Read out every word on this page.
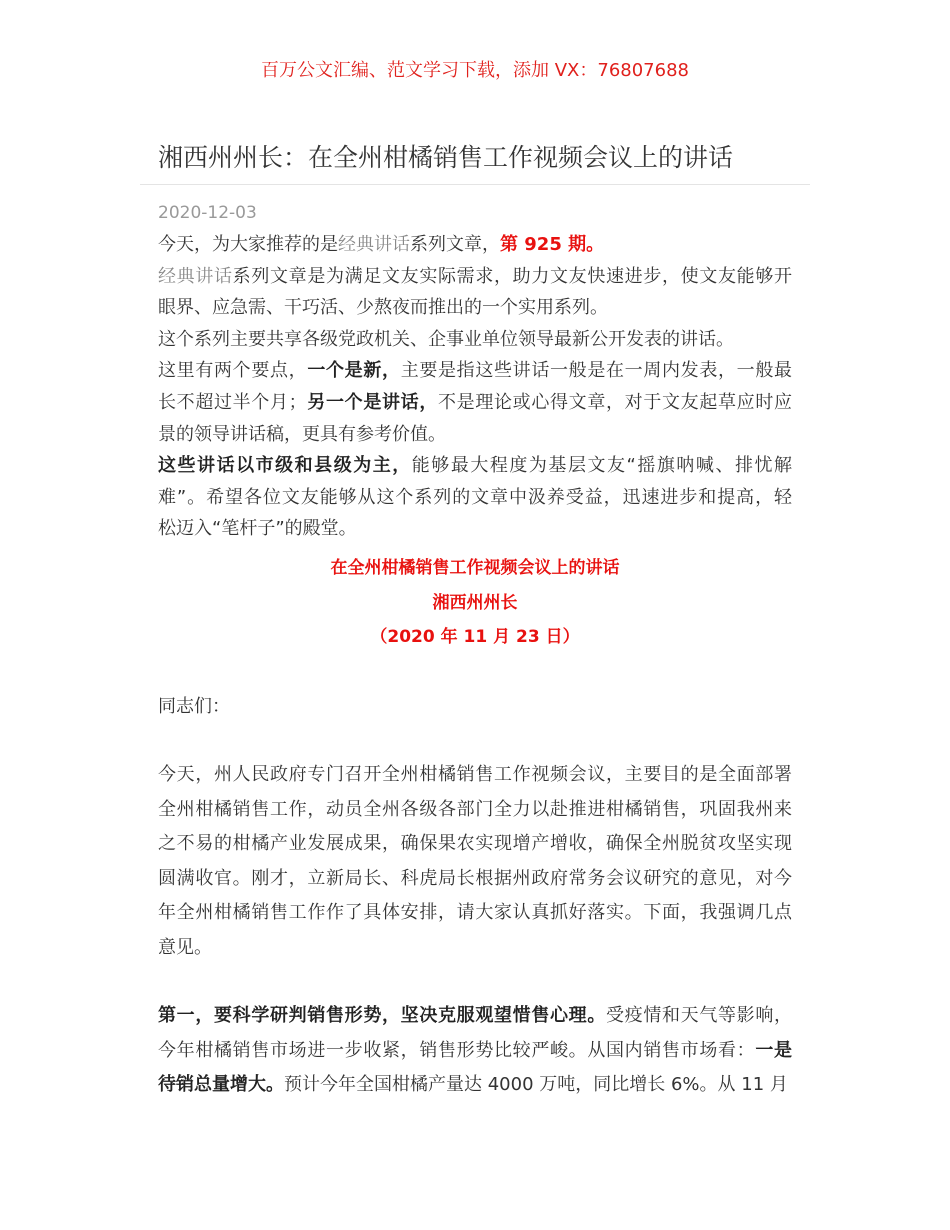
百万公文汇编、范文学习下载，添加 VX：76807688
湘西州州长：在全州柑橘销售工作视频会议上的讲话
2020-12-03
今天，为大家推荐的是经典讲话系列文章，第 925 期。
经典讲话系列文章是为满足文友实际需求，助力文友快速进步，使文友能够开
眼界、应急需、干巧活、少熬夜而推出的一个实用系列。
这个系列主要共享各级党政机关、企事业单位领导最新公开发表的讲话。
这里有两个要点，一个是新，主要是指这些讲话一般是在一周内发表，一般最
长不超过半个月；另一个是讲话，不是理论或心得文章，对于文友起草应时应
景的领导讲话稿，更具有参考价值。
这些讲话以市级和县级为主，能够最大程度为基层文友“摇旗呐喊、排忧解
难”。希望各位文友能够从这个系列的文章中汲养受益，迅速进步和提高，轻
松迈入“笔杆子”的殿堂。
在全州柑橘销售工作视频会议上的讲话
湘西州州长
（2020 年 11 月 23 日）
同志们：
今天，州人民政府专门召开全州柑橘销售工作视频会议，主要目的是全面部署
全州柑橘销售工作，动员全州各级各部门全力以赴推进柑橘销售，巩固我州来
之不易的柑橘产业发展成果，确保果农实现增产增收，确保全州脱贫攻坚实现
圆满收官。刚才，立新局长、科虎局长根据州政府常务会议研究的意见，对今
年全州柑橘销售工作作了具体安排，请大家认真抓好落实。下面，我强调几点
意见。
第一，要科学研判销售形势，坚决克服观望惜售心理。受疫情和天气等影响，
今年柑橘销售市场进一步收紧，销售形势比较严峻。从国内销售市场看：一是
待销总量增大。预计今年全国柑橘产量达 4000 万吨，同比增长 6%。从 11 月
